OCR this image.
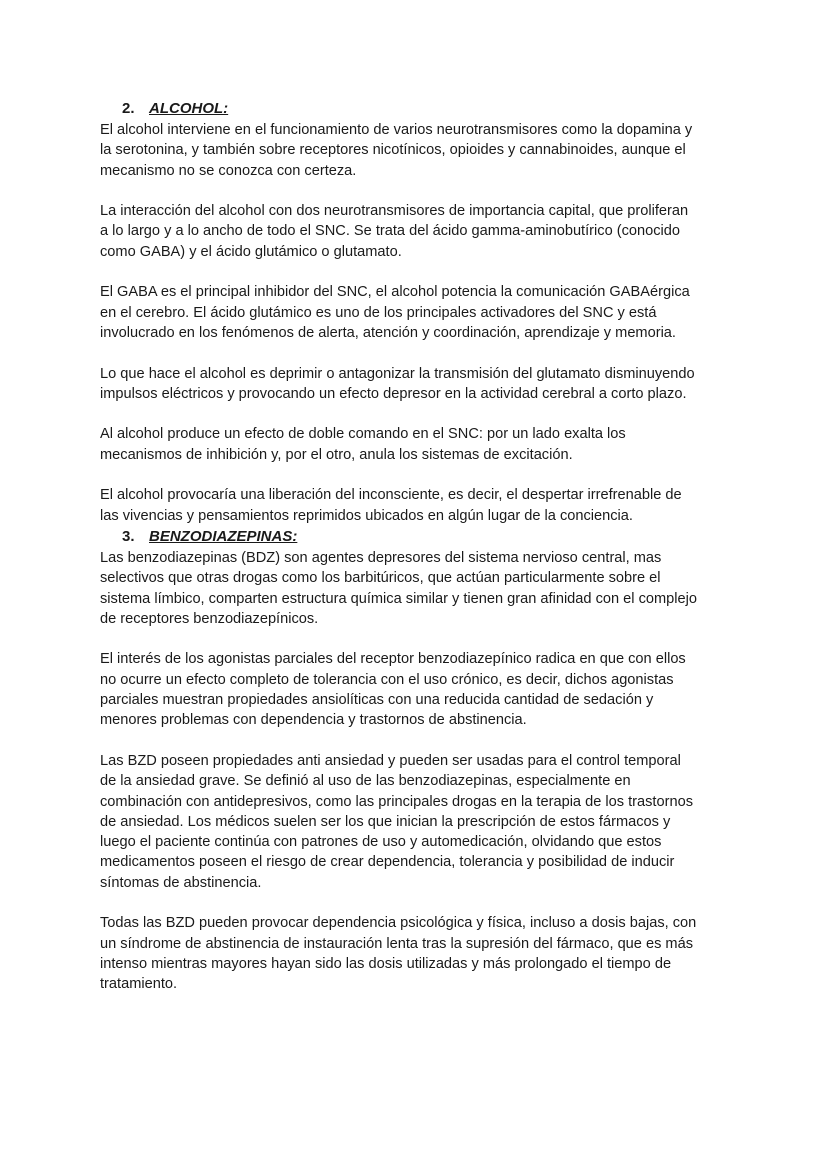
2. ALCOHOL:

El alcohol interviene en el funcionamiento de varios neurotransmisores como la dopamina y
la serotonina, y también sobre receptores nicotínicos, opioides y cannabinoides, aunque el
mecanismo no se conozca con certeza.

La interacción del alcohol con dos neurotransmisores de importancia capital, que proliferan
a lo largo y a lo ancho de todo el SNC. Se trata del ácido gamma-aminobutírico (conocido
como GABA) y el ácido glutámico o glutamato.

El GABA es el principal inhibidor del SNC, el alcohol potencia la comunicación GABAérgica
en el cerebro. El ácido glutámico es uno de los principales activadores del SNC y está
involucrado en los fenómenos de alerta, atención y coordinación, aprendizaje y memoria.

Lo que hace el alcohol es deprimir o antagonizar la transmisión del glutamato disminuyendo
impulsos eléctricos y provocando un efecto depresor en la actividad cerebral a corto plazo.

Al alcohol produce un efecto de doble comando en el SNC: por un lado exalta los
mecanismos de inhibición y, por el otro, anula los sistemas de excitación.

El alcohol provocaría una liberación del inconsciente, es decir, el despertar irrefrenable de
las vivencias y pensamientos reprimidos ubicados en algún lugar de la conciencia.

3. BENZODIAZEPINAS:

Las benzodiazepinas (BDZ) son agentes depresores del sistema nervioso central, mas
selectivos que otras drogas como los barbitúricos, que actúan particularmente sobre el
sistema límbico, comparten estructura química similar y tienen gran afinidad con el complejo
de receptores benzodiazepínicos.

El interés de los agonistas parciales del receptor benzodiazepínico radica en que con ellos
no ocurre un efecto completo de tolerancia con el uso crónico, es decir, dichos agonistas
parciales muestran propiedades ansiolíticas con una reducida cantidad de sedación y
menores problemas con dependencia y trastornos de abstinencia.

Las BZD poseen propiedades anti ansiedad y pueden ser usadas para el control temporal
de la ansiedad grave. Se definió al uso de las benzodiazepinas, especialmente en
combinación con antidepresivos, como las principales drogas en la terapia de los trastornos
de ansiedad. Los médicos suelen ser los que inician la prescripción de estos fármacos y
luego el paciente continúa con patrones de uso y automedicación, olvidando que estos
medicamentos poseen el riesgo de crear dependencia, tolerancia y posibilidad de inducir
síntomas de abstinencia.

Todas las BZD pueden provocar dependencia psicológica y física, incluso a dosis bajas, con
un síndrome de abstinencia de instauración lenta tras la supresión del fármaco, que es más
intenso mientras mayores hayan sido las dosis utilizadas y más prolongado el tiempo de
tratamiento.
